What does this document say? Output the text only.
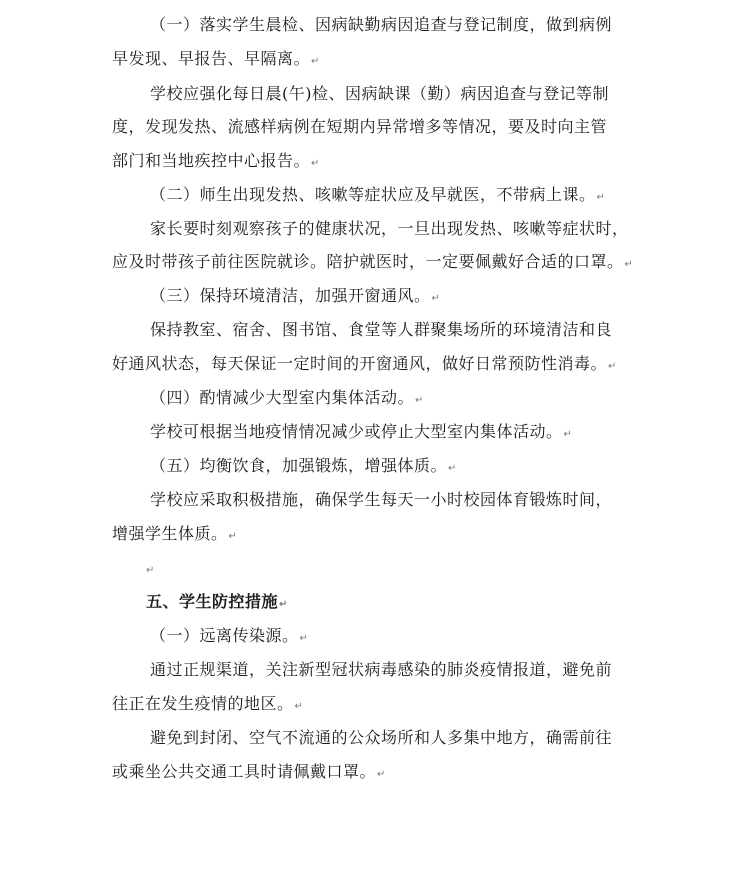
（一）落实学生晨检、因病缺勤病因追查与登记制度，做到病例
早发现、早报告、早隔离。↵
学校应强化每日晨(午)检、因病缺课（勤）病因追查与登记等制
度，发现发热、流感样病例在短期内异常增多等情况，要及时向主管
部门和当地疾控中心报告。↵
（二）师生出现发热、咳嗽等症状应及早就医，不带病上课。↵
家长要时刻观察孩子的健康状况，一旦出现发热、咳嗽等症状时，
应及时带孩子前往医院就诊。陪护就医时，一定要佩戴好合适的口罩。↵
（三）保持环境清洁，加强开窗通风。↵
保持教室、宿舍、图书馆、食堂等人群聚集场所的环境清洁和良
好通风状态，每天保证一定时间的开窗通风，做好日常预防性消毒。↵
（四）酌情减少大型室内集体活动。↵
学校可根据当地疫情情况减少或停止大型室内集体活动。↵
（五）均衡饮食，加强锻炼，增强体质。↵
学校应采取积极措施，确保学生每天一小时校园体育锻炼时间，
增强学生体质。↵
↵
五、学生防控措施↵
（一）远离传染源。↵
通过正规渠道，关注新型冠状病毒感染的肺炎疫情报道，避免前
往正在发生疫情的地区。↵
避免到封闭、空气不流通的公众场所和人多集中地方，确需前往
或乘坐公共交通工具时请佩戴口罩。↵
